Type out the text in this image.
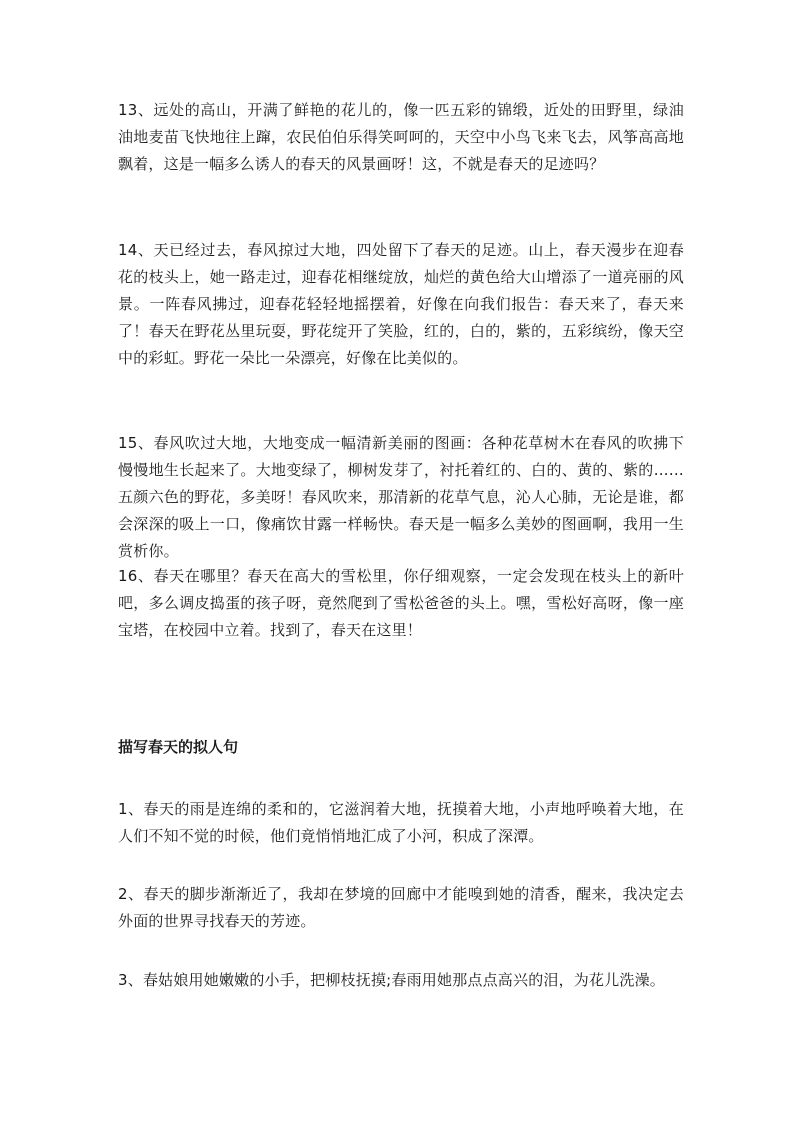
13、远处的高山，开满了鲜艳的花儿的，像一匹五彩的锦缎，近处的田野里，绿油油地麦苗飞快地往上蹿，农民伯伯乐得笑呵呵的，天空中小鸟飞来飞去，风筝高高地飘着，这是一幅多么诱人的春天的风景画呀！这，不就是春天的足迹吗？

14、天已经过去，春风掠过大地，四处留下了春天的足迹。山上，春天漫步在迎春花的枝头上，她一路走过，迎春花相继绽放，灿烂的黄色给大山增添了一道亮丽的风景。一阵春风拂过，迎春花轻轻地摇摆着，好像在向我们报告：春天来了，春天来了！春天在野花丛里玩耍，野花绽开了笑脸，红的，白的，紫的，五彩缤纷，像天空中的彩虹。野花一朵比一朵漂亮，好像在比美似的。

15、春风吹过大地，大地变成一幅清新美丽的图画：各种花草树木在春风的吹拂下慢慢地生长起来了。大地变绿了，柳树发芽了，衬托着红的、白的、黄的、紫的……五颜六色的野花，多美呀！春风吹来，那清新的花草气息，沁人心肺，无论是谁，都会深深的吸上一口，像痛饮甘露一样畅快。春天是一幅多么美妙的图画啊，我用一生赏析你。

16、春天在哪里？春天在高大的雪松里，你仔细观察，一定会发现在枝头上的新叶吧，多么调皮捣蛋的孩子呀，竟然爬到了雪松爸爸的头上。嘿，雪松好高呀，像一座宝塔，在校园中立着。找到了，春天在这里！

描写春天的拟人句

1、春天的雨是连绵的柔和的，它滋润着大地，抚摸着大地，小声地呼唤着大地，在人们不知不觉的时候，他们竟悄悄地汇成了小河，积成了深潭。

2、春天的脚步渐渐近了，我却在梦境的回廊中才能嗅到她的清香，醒来，我决定去外面的世界寻找春天的芳迹。

3、春姑娘用她嫩嫩的小手，把柳枝抚摸;春雨用她那点点高兴的泪，为花儿洗澡。
